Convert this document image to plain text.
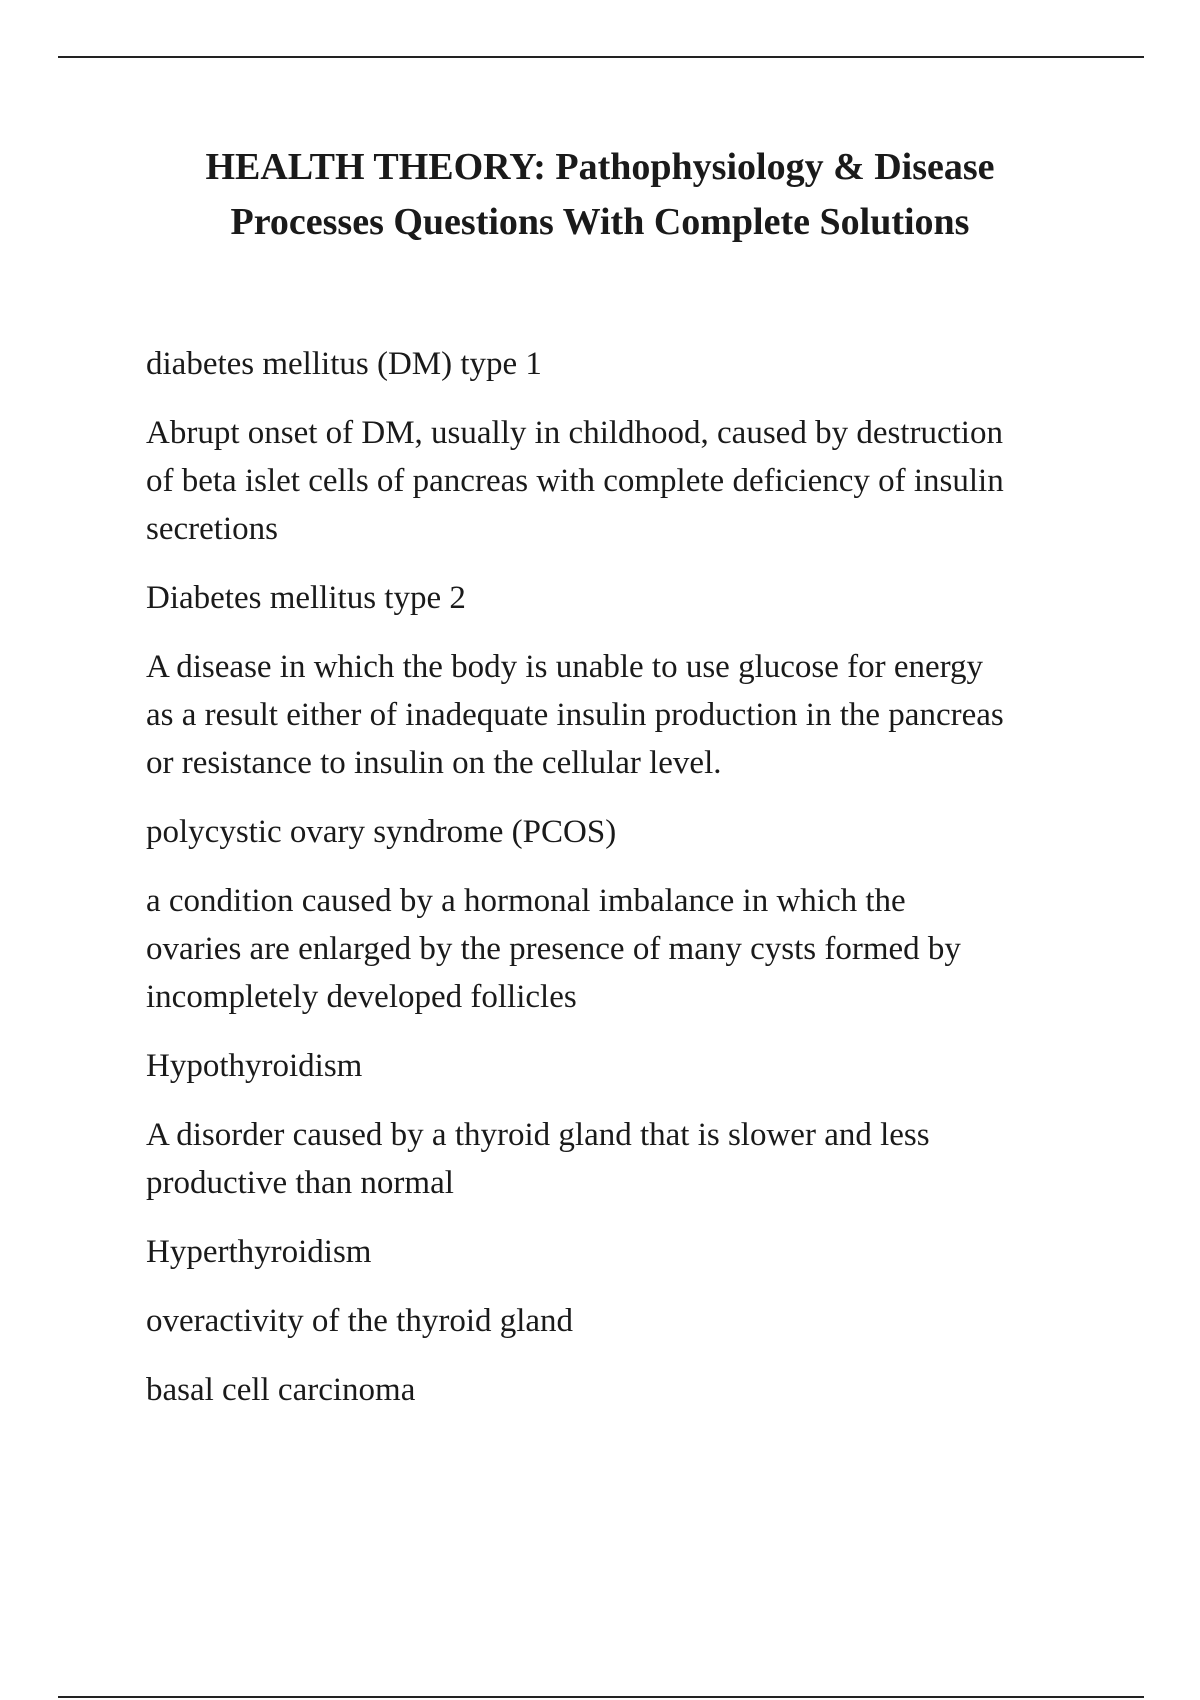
HEALTH THEORY: Pathophysiology & Disease
Processes Questions With Complete Solutions

diabetes mellitus (DM) type 1

Abrupt onset of DM, usually in childhood, caused by destruction
of beta islet cells of pancreas with complete deficiency of insulin
secretions

Diabetes mellitus type 2

A disease in which the body is unable to use glucose for energy
as a result either of inadequate insulin production in the pancreas
or resistance to insulin on the cellular level.

polycystic ovary syndrome (PCOS)

a condition caused by a hormonal imbalance in which the
ovaries are enlarged by the presence of many cysts formed by
incompletely developed follicles

Hypothyroidism

A disorder caused by a thyroid gland that is slower and less
productive than normal

Hyperthyroidism

overactivity of the thyroid gland

basal cell carcinoma
